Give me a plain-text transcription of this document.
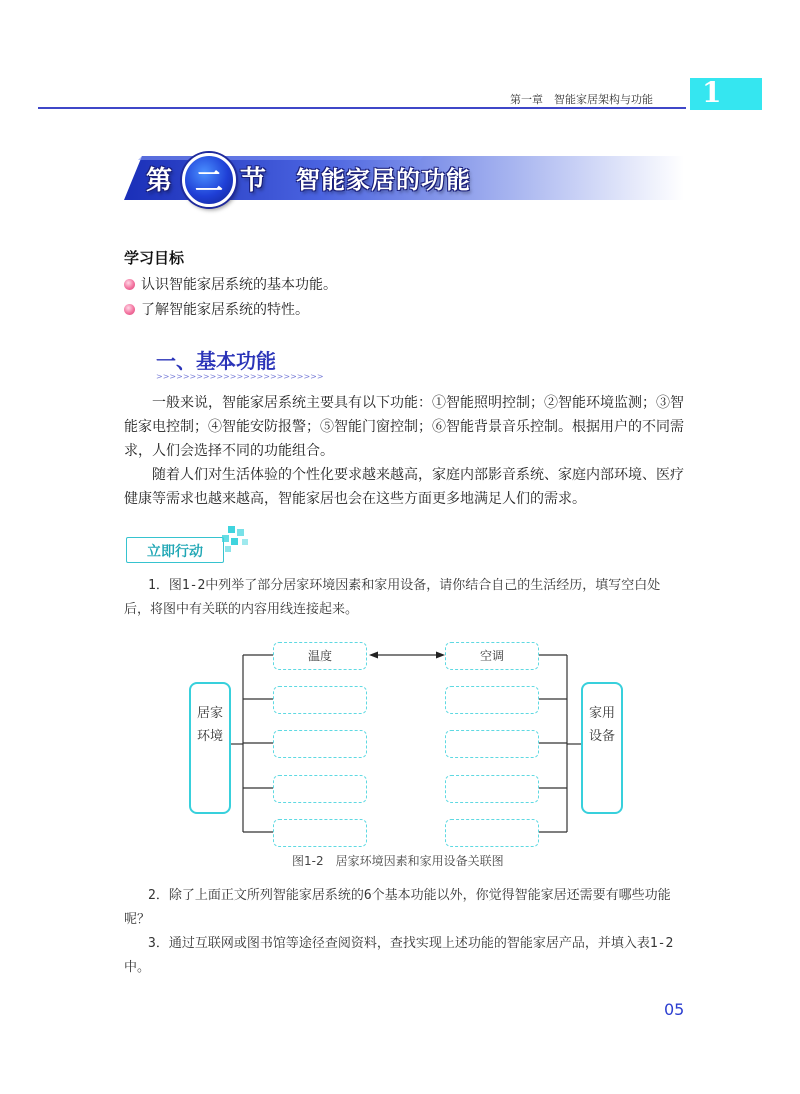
第一章　智能家居架构与功能 1
第 二 节 智能家居的功能
学习目标
认识智能家居系统的基本功能。
了解智能家居系统的特性。
一、基本功能
>>>>>>>>>>>>>>>>>>>>>>>>>
一般来说，智能家居系统主要具有以下功能：①智能照明控制；②智能环境监测；③智能家电控制；④智能安防报警；⑤智能门窗控制；⑥智能背景音乐控制。根据用户的不同需求，人们会选择不同的功能组合。
随着人们对生活体验的个性化要求越来越高，家庭内部影音系统、家庭内部环境、医疗健康等需求也越来越高，智能家居也会在这些方面更多地满足人们的需求。
立即行动
1．图1-2中列举了部分居家环境因素和家用设备，请你结合自己的生活经历，填写空白处后，将图中有关联的内容用线连接起来。
居家环境
家用设备
温度	空调
图1-2　居家环境因素和家用设备关联图
2．除了上面正文所列智能家居系统的6个基本功能以外，你觉得智能家居还需要有哪些功能呢？
3．通过互联网或图书馆等途径查阅资料，查找实现上述功能的智能家居产品，并填入表1-2中。
05
